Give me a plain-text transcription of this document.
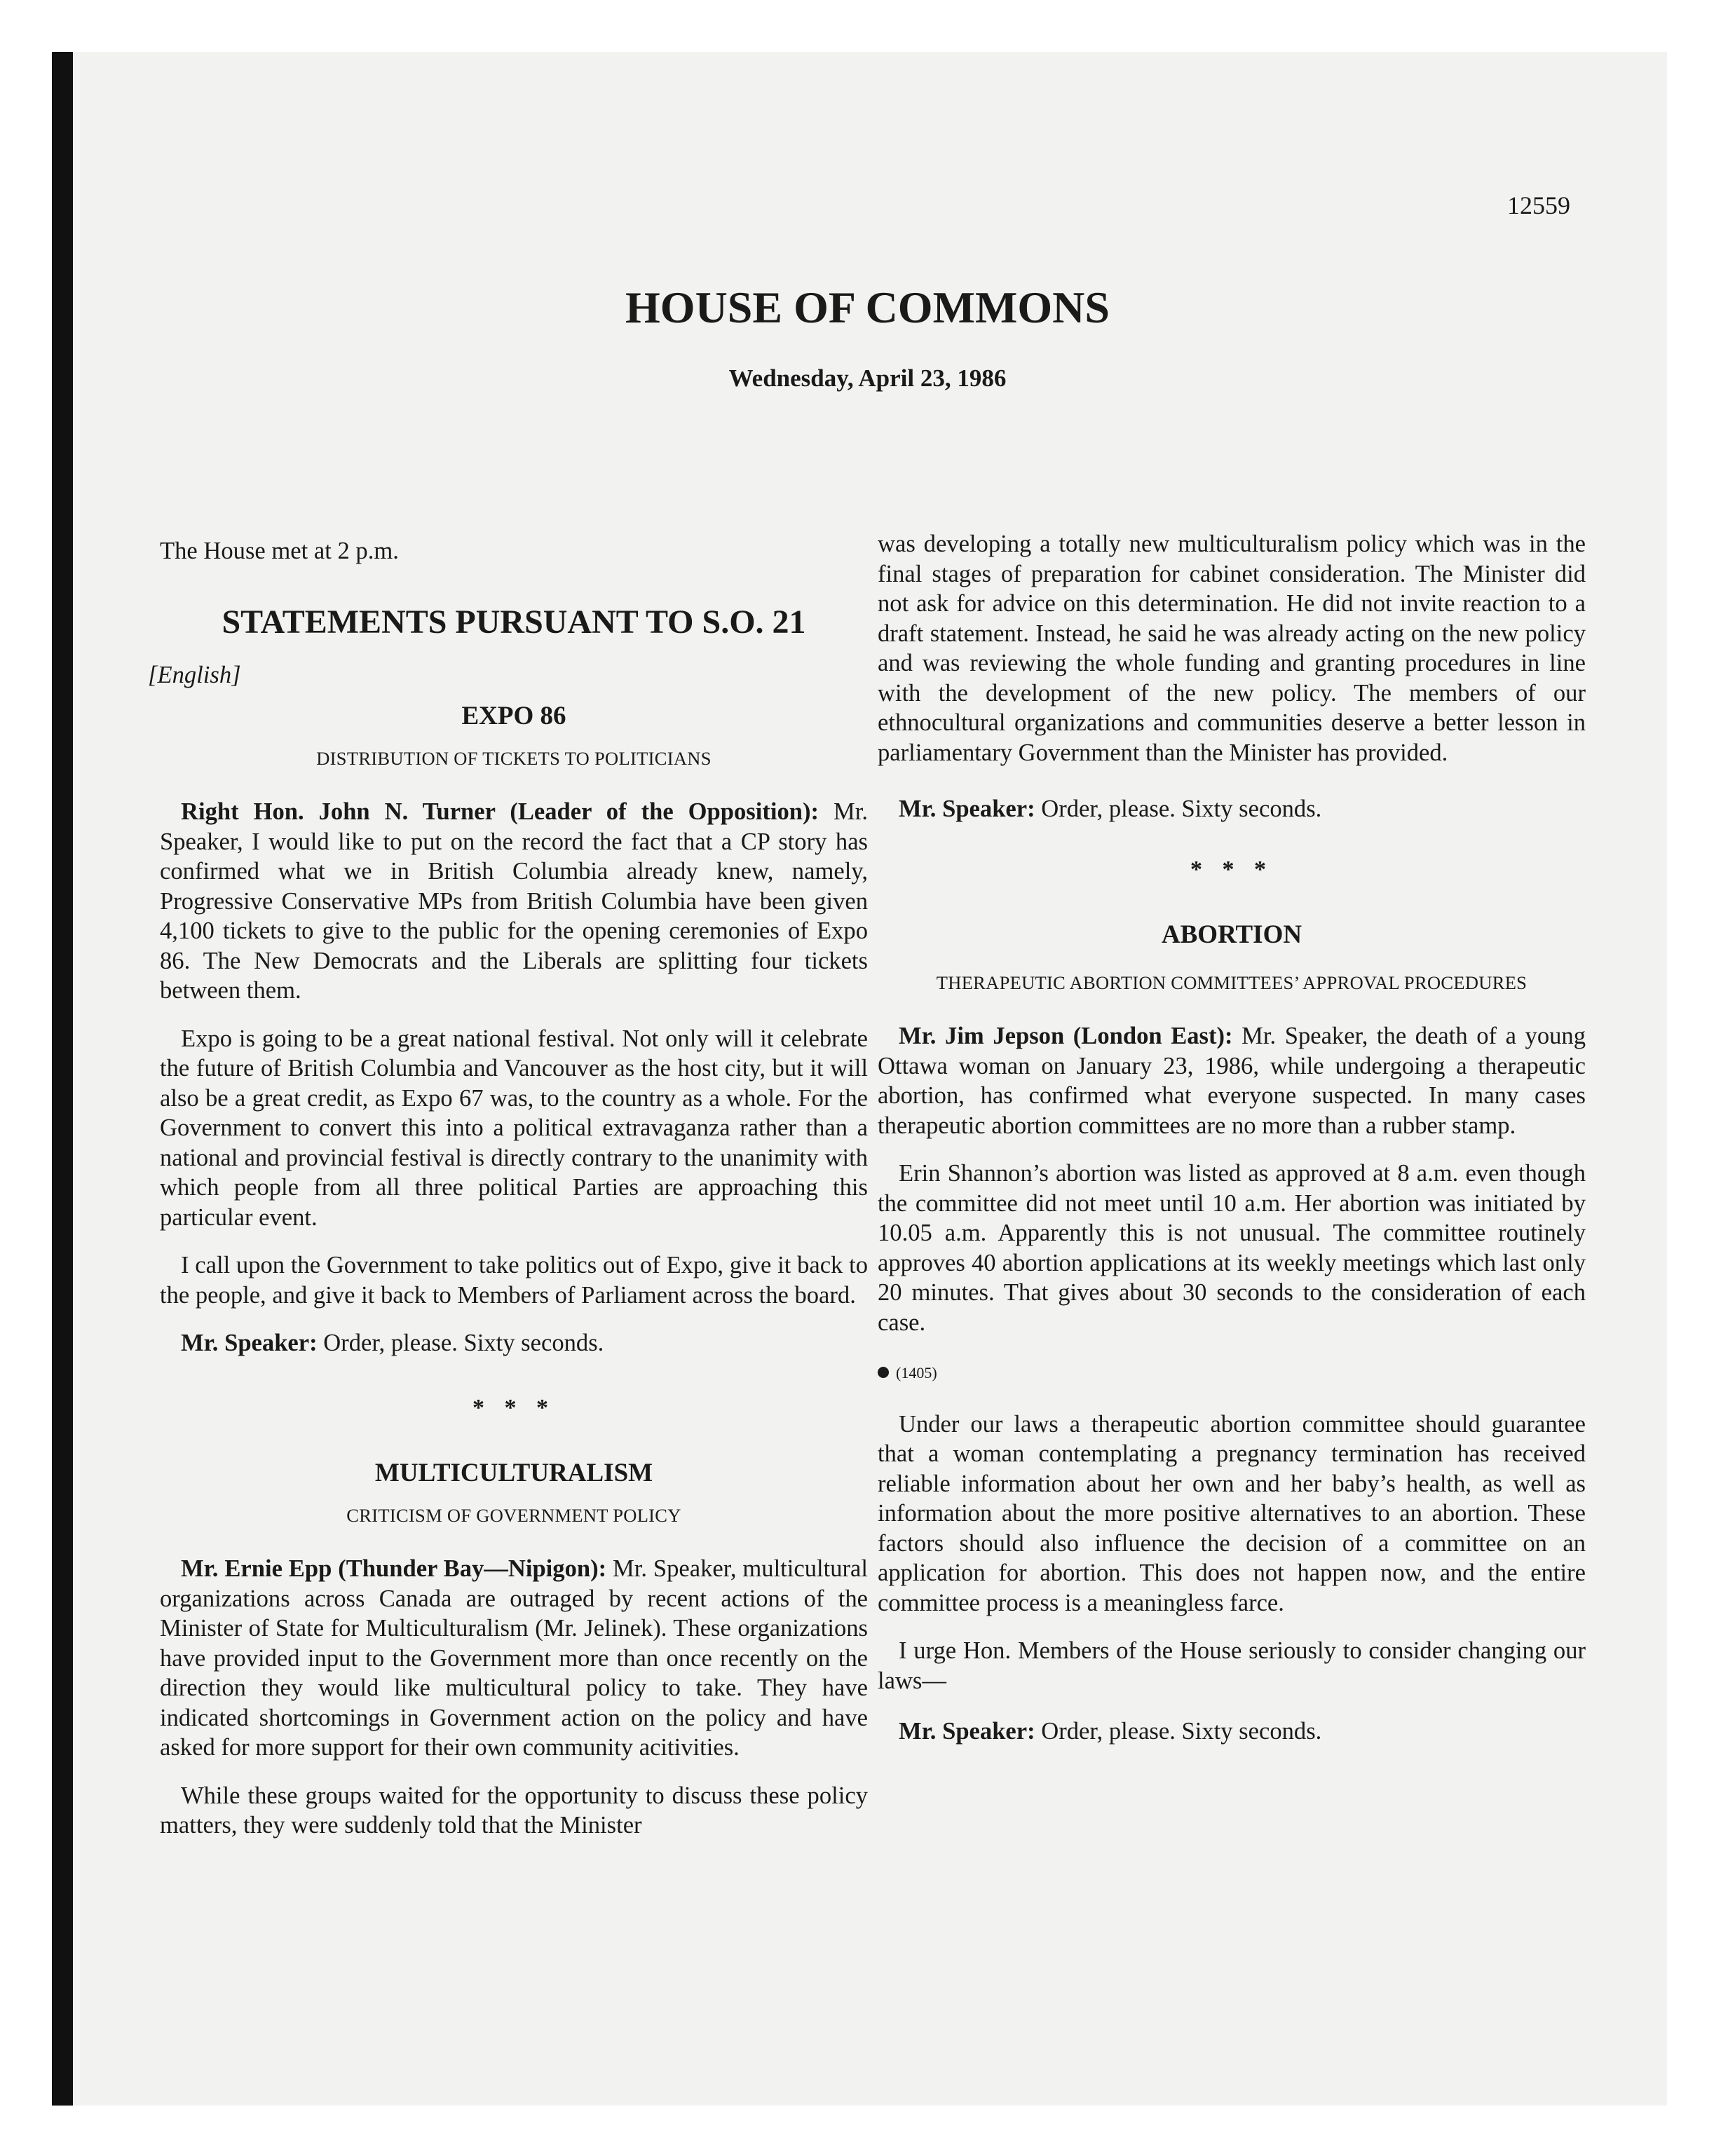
12559
HOUSE OF COMMONS
Wednesday, April 23, 1986

The House met at 2 p.m.

STATEMENTS PURSUANT TO S.O. 21
[English]
EXPO 86
DISTRIBUTION OF TICKETS TO POLITICIANS

Right Hon. John N. Turner (Leader of the Opposition): Mr. Speaker, I would like to put on the record the fact that a CP story has confirmed what we in British Columbia already knew, namely, Progressive Conservative MPs from British Columbia have been given 4,100 tickets to give to the public for the opening ceremonies of Expo 86. The New Democrats and the Liberals are splitting four tickets between them.

Expo is going to be a great national festival. Not only will it celebrate the future of British Columbia and Vancouver as the host city, but it will also be a great credit, as Expo 67 was, to the country as a whole. For the Government to convert this into a political extravaganza rather than a national and provincial festival is directly contrary to the unanimity with which people from all three political Parties are approaching this particular event.

I call upon the Government to take politics out of Expo, give it back to the people, and give it back to Members of Parliament across the board.

Mr. Speaker: Order, please. Sixty seconds.

* * *
MULTICULTURALISM
CRITICISM OF GOVERNMENT POLICY

Mr. Ernie Epp (Thunder Bay—Nipigon): Mr. Speaker, multicultural organizations across Canada are outraged by recent actions of the Minister of State for Multiculturalism (Mr. Jelinek). These organizations have provided input to the Government more than once recently on the direction they would like multicultural policy to take. They have indicated shortcomings in Government action on the policy and have asked for more support for their own community acitivities.

While these groups waited for the opportunity to discuss these policy matters, they were suddenly told that the Minister

was developing a totally new multiculturalism policy which was in the final stages of preparation for cabinet consideration. The Minister did not ask for advice on this determination. He did not invite reaction to a draft statement. Instead, he said he was already acting on the new policy and was reviewing the whole funding and granting procedures in line with the development of the new policy. The members of our ethnocultural organizations and communities deserve a better lesson in parliamentary Government than the Minister has provided.

Mr. Speaker: Order, please. Sixty seconds.

* * *
ABORTION
THERAPEUTIC ABORTION COMMITTEES’ APPROVAL PROCEDURES

Mr. Jim Jepson (London East): Mr. Speaker, the death of a young Ottawa woman on January 23, 1986, while undergoing a therapeutic abortion, has confirmed what everyone suspected. In many cases therapeutic abortion committees are no more than a rubber stamp.

Erin Shannon’s abortion was listed as approved at 8 a.m. even though the committee did not meet until 10 a.m. Her abortion was initiated by 10.05 a.m. Apparently this is not unusual. The committee routinely approves 40 abortion applications at its weekly meetings which last only 20 minutes. That gives about 30 seconds to the consideration of each case.

(1405)

Under our laws a therapeutic abortion committee should guarantee that a woman contemplating a pregnancy termination has received reliable information about her own and her baby’s health, as well as information about the more positive alternatives to an abortion. These factors should also influence the decision of a committee on an application for abortion. This does not happen now, and the entire committee process is a meaningless farce.

I urge Hon. Members of the House seriously to consider changing our laws—

Mr. Speaker: Order, please. Sixty seconds.
